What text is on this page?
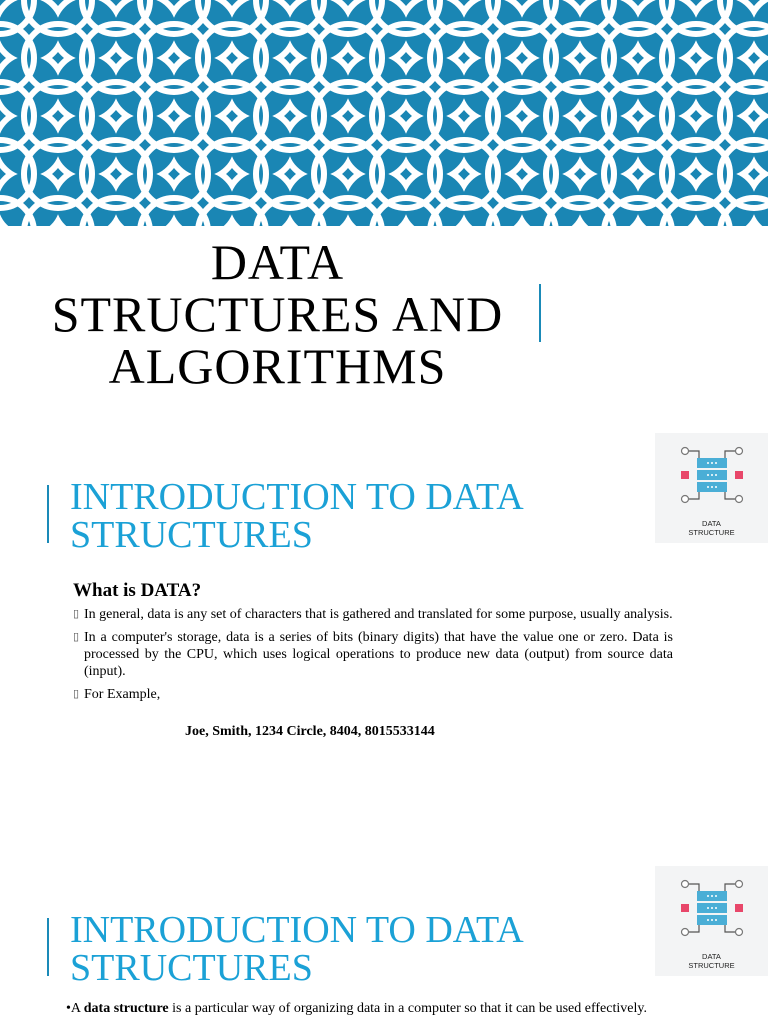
DATA
STRUCTURES AND
ALGORITHMS
INTRODUCTION TO DATA
STRUCTURES	DATA
STRUCTURE
What is DATA?
▯ In general, data is any set of characters that is gathered and translated for some purpose, usually analysis.
▯ In a computer's storage, data is a series of bits (binary digits) that have the value one or zero. Data is processed by the CPU, which uses logical operations to produce new data (output) from source data (input).
▯ For Example,

Joe, Smith, 1234 Circle, 8404, 8015533144

DATA
STRUCTURE
INTRODUCTION TO DATA
STRUCTURES

•A data structure is a particular way of organizing data in a computer so that it can be used effectively.
